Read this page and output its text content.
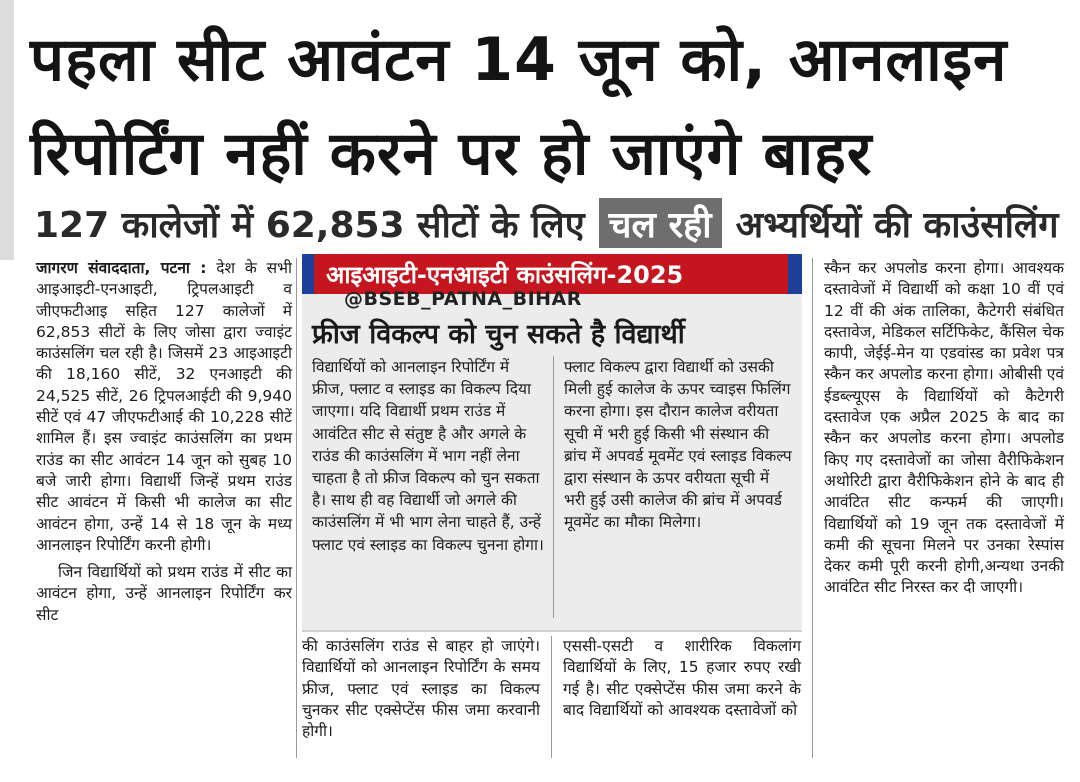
पहला सीट आवंटन 14 जून को, आनलाइन
रिपोर्टिंग नहीं करने पर हो जाएंगे बाहर
127 कालेजों में 62,853 सीटों के लिए चल रही अभ्यर्थियों की काउंसलिंग

जागरण संवाददाता, पटना : देश के सभी आइआइटी-एनआइटी, ट्रिपलआइटी व जीएफटीआइ सहित 127 कालेजों में 62,853 सीटों के लिए जोसा द्वारा ज्वाइंट काउंसलिंग चल रही है। जिसमें 23 आइआइटी की 18,160 सीटें, 32 एनआइटी की 24,525 सीटें, 26 ट्रिपलआईटी की 9,940 सीटें एवं 47 जीएफटीआई की 10,228 सीटें शामिल हैं। इस ज्वाइंट काउंसलिंग का प्रथम राउंड का सीट आवंटन 14 जून को सुबह 10 बजे जारी होगा। विद्यार्थी जिन्हें प्रथम राउंड सीट आवंटन में किसी भी कालेज का सीट आवंटन होगा, उन्हें 14 से 18 जून के मध्य आनलाइन रिपोर्टिंग करनी होगी।

जिन विद्यार्थियों को प्रथम राउंड में सीट का आवंटन होगा, उन्हें आनलाइन रिपोर्टिंग कर सीट

आइआइटी-एनआइटी काउंसलिंग-2025
@BSEB_PATNA_BIHAR
फ्रीज विकल्प को चुन सकते है विद्यार्थी
विद्यार्थियों को आनलाइन रिपोर्टिंग में फ्रीज, फ्लाट व स्लाइड का विकल्प दिया जाएगा। यदि विद्यार्थी प्रथम राउंड में आवंटित सीट से संतुष्ट है और अगले के राउंड की काउंसलिंग में भाग नहीं लेना चाहता है तो फ्रीज विकल्प को चुन सकता है। साथ ही वह विद्यार्थी जो अगले की काउंसलिंग में भी भाग लेना चाहते हैं, उन्हें फ्लाट एवं स्लाइड का विकल्प चुनना होगा।
फ्लाट विकल्प द्वारा विद्यार्थी को उसकी मिली हुई कालेज के ऊपर च्वाइस फिलिंग करना होगा। इस दौरान कालेज वरीयता सूची में भरी हुई किसी भी संस्थान की ब्रांच में अपवर्ड मूवमेंट एवं स्लाइड विकल्प द्वारा संस्थान के ऊपर वरीयता सूची में भरी हुई उसी कालेज की ब्रांच में अपवर्ड मूवमेंट का मौका मिलेगा।
की काउंसलिंग राउंड से बाहर हो जाएंगे। विद्यार्थियों को आनलाइन रिपोर्टिंग के समय फ्रीज, फ्लाट एवं स्लाइड का विकल्प चुनकर सीट एक्सेप्टेंस फीस जमा करवानी होगी।
एससी-एसटी व शारीरिक विकलांग विद्यार्थियों के लिए, 15 हजार रुपए रखी गई है। सीट एक्सेप्टेंस फीस जमा करने के बाद विद्यार्थियों को आवश्यक दस्तावेजों को
स्कैन कर अपलोड करना होगा। आवश्यक दस्तावेजों में विद्यार्थी को कक्षा 10 वीं एवं 12 वीं की अंक तालिका, कैटेगरी संबंधित दस्तावेज, मेडिकल सर्टिफिकेट, कैंसिल चेक कापी, जेईई-मेन या एडवांस्ड का प्रवेश पत्र स्कैन कर अपलोड करना होगा। ओबीसी एवं ईडब्ल्यूएस के विद्यार्थियों को कैटेगरी दस्तावेज एक अप्रैल 2025 के बाद का स्कैन कर अपलोड करना होगा। अपलोड किए गए दस्तावेजों का जोसा वैरीफिकेशन अथोरिटी द्वारा वैरीफिकेशन होने के बाद ही आवंटित सीट कन्फर्म की जाएगी। विद्यार्थियों को 19 जून तक दस्तावेजों में कमी की सूचना मिलने पर उनका रेस्पांस देकर कमी पूरी करनी होगी,अन्यथा उनकी आवंटित सीट निरस्त कर दी जाएगी।
